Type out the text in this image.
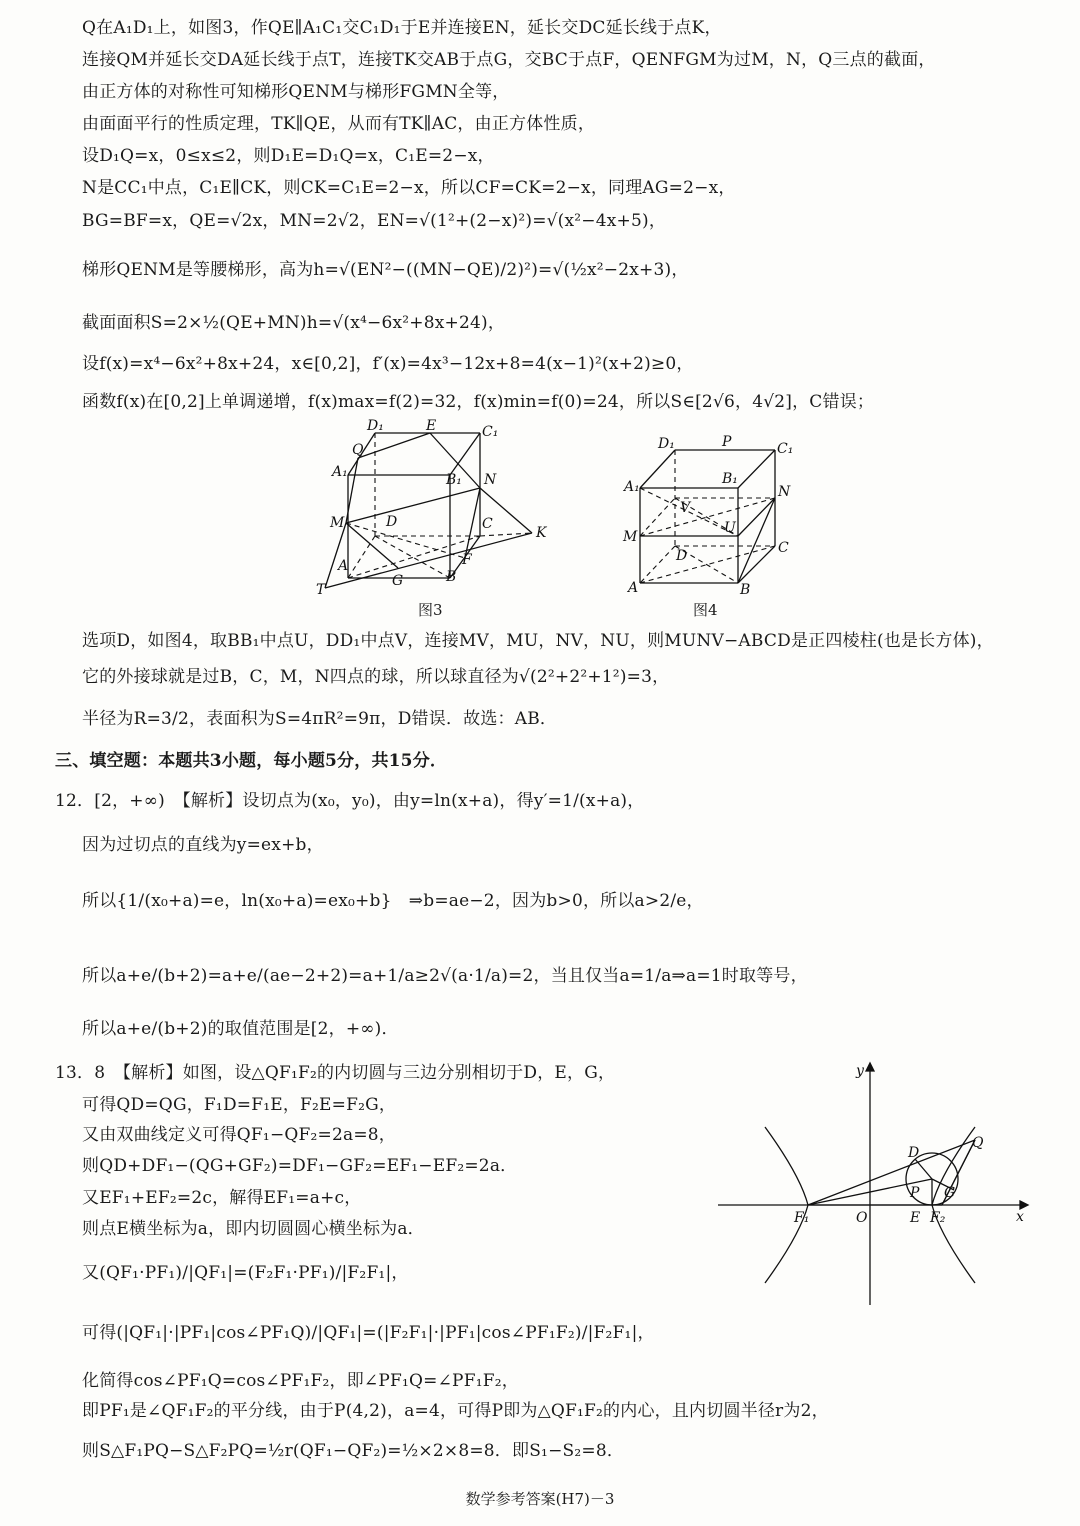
Q在A₁D₁上，如图3，作QE∥A₁C₁交C₁D₁于E并连接EN，延长交DC延长线于点K，
连接QM并延长交DA延长线于点T，连接TK交AB于点G，交BC于点F，QENFGM为过M，N，Q三点的截面，
由正方体的对称性可知梯形QENM与梯形FGMN全等，
由面面平行的性质定理，TK∥QE，从而有TK∥AC，由正方体性质，
设D₁Q=x，0≤x≤2，则D₁E=D₁Q=x，C₁E=2−x，
N是CC₁中点，C₁E∥CK，则CK=C₁E=2−x，所以CF=CK=2−x，同理AG=2−x，
BG=BF=x，QE=√2x，MN=2√2，EN=√(1²+(2−x)²)=√(x²−4x+5)，
梯形QENM是等腰梯形，高为h=√(EN²−((MN−QE)/2)²)=√(½x²−2x+3)，
截面面积S=2×½(QE+MN)h=√(x⁴−6x²+8x+24)，
设f(x)=x⁴−6x²+8x+24，x∈[0,2]，f′(x)=4x³−12x+8=4(x−1)²(x+2)≥0，
函数f(x)在[0,2]上单调递增，f(x)max=f(2)=32，f(x)min=f(0)=24，所以S∈[2√6，4√2]，C错误；
D₁	E	C₁
Q
A₁	B₁ N
M	D	C
K
A
G
F
B
T
图3
D₁	P	C₁
A₁	B₁
N
V
M
D
U
C
A	B
图4
选项D，如图4，取BB₁中点U，DD₁中点V，连接MV，MU，NV，NU，则MUNV−ABCD是正四棱柱(也是长方体)，
它的外接球就是过B，C，M，N四点的球，所以球直径为√(2²+2²+1²)=3，
半径为R=3/2，表面积为S=4πR²=9π，D错误．故选：AB．
三、填空题：本题共3小题，每小题5分，共15分．
12．[2，+∞)　【解析】设切点为(x₀，y₀)，由y=ln(x+a)，得y′=1/(x+a)，
因为过切点的直线为y=ex+b，
所以{1/(x₀+a)=e，ln(x₀+a)=ex₀+b}　⇒b=ae−2，因为b>0，所以a>2/e，
所以a+e/(b+2)=a+e/(ae−2+2)=a+1/a≥2√(a·1/a)=2，当且仅当a=1/a⇒a=1时取等号，
所以a+e/(b+2)的取值范围是[2，+∞)．
13．8　【解析】如图，设△QF₁F₂的内切圆与三边分别相切于D，E，G，
可得QD=QG，F₁D=F₁E，F₂E=F₂G，
又由双曲线定义可得QF₁−QF₂=2a=8，
则QD+DF₁−(QG+GF₂)=DF₁−GF₂=EF₁−EF₂=2a．
又EF₁+EF₂=2c，解得EF₁=a+c，
则点E横坐标为a，即内切圆圆心横坐标为a．
又(QF₁·PF₁)/|QF₁|=(F₂F₁·PF₁)/|F₂F₁|，
可得(|QF₁|·|PF₁|cos∠PF₁Q)/|QF₁|=(|F₂F₁|·|PF₁|cos∠PF₁F₂)/|F₂F₁|，
化简得cos∠PF₁Q=cos∠PF₁F₂，即∠PF₁Q=∠PF₁F₂，
即PF₁是∠QF₁F₂的平分线，由于P(4,2)，a=4，可得P即为△QF₁F₂的内心，且内切圆半径r为2，
则S△F₁PQ−S△F₂PQ=½r(QF₁−QF₂)=½×2×8=8．即S₁−S₂=8．
y
D
Q
P G
F₁	O	E F₂	x
数学参考答案(H7)－3
